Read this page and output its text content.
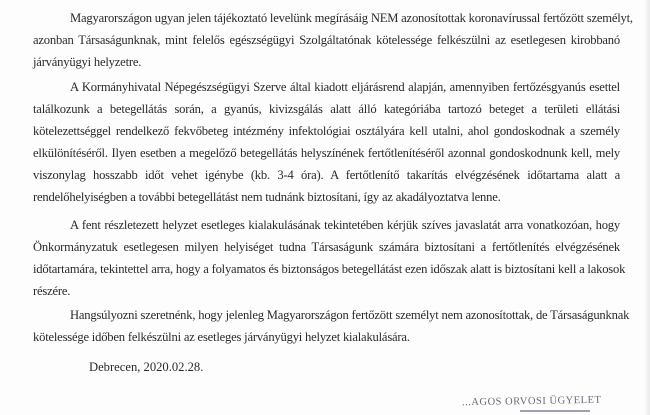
Magyarországon ugyan jelen tájékoztató levelünk megírásáig NEM azonosítottak koronavírussal fertőzött személyt,
azonban Társaságunknak, mint felelős egészségügyi Szolgáltatónak kötelessége felkészülni az esetlegesen kirobbanó
járványügyi helyzetre.
A Kormányhivatal Népegészségügyi Szerve által kiadott eljárásrend alapján, amennyiben fertőzésgyanús esettel
találkozunk a betegellátás során, a gyanús, kivizsgálás alatt álló kategóriába tartozó beteget a területi ellátási
kötelezettséggel rendelkező fekvőbeteg intézmény infektológiai osztályára kell utalni, ahol gondoskodnak a személy
elkülönítéséről. Ilyen esetben a megelőző betegellátás helyszínének fertőtlenítéséről azonnal gondoskodnunk kell, mely
viszonylag hosszabb időt vehet igénybe (kb. 3-4 óra). A fertőtlenítő takarítás elvégzésének időtartama alatt a
rendelőhelyiségben a további betegellátást nem tudnánk biztosítani, így az akadályoztatva lenne.
A fent részletezett helyzet esetleges kialakulásának tekintetében kérjük szíves javaslatát arra vonatkozóan, hogy
Önkormányzatuk esetlegesen milyen helyiséget tudna Társaságunk számára biztosítani a fertőtlenítés elvégzésének
időtartamára, tekintettel arra, hogy a folyamatos és biztonságos betegellátást ezen időszak alatt is biztosítani kell a lakosok
részére.
Hangsúlyozni szeretnénk, hogy jelenleg Magyarországon fertőzött személyt nem azonosítottak, de Társaságunknak
kötelessége időben felkészülni az esetleges járványügyi helyzet kialakulására.
Debrecen, 2020.02.28.
...AGOS ORVOSI ÜGYELET
